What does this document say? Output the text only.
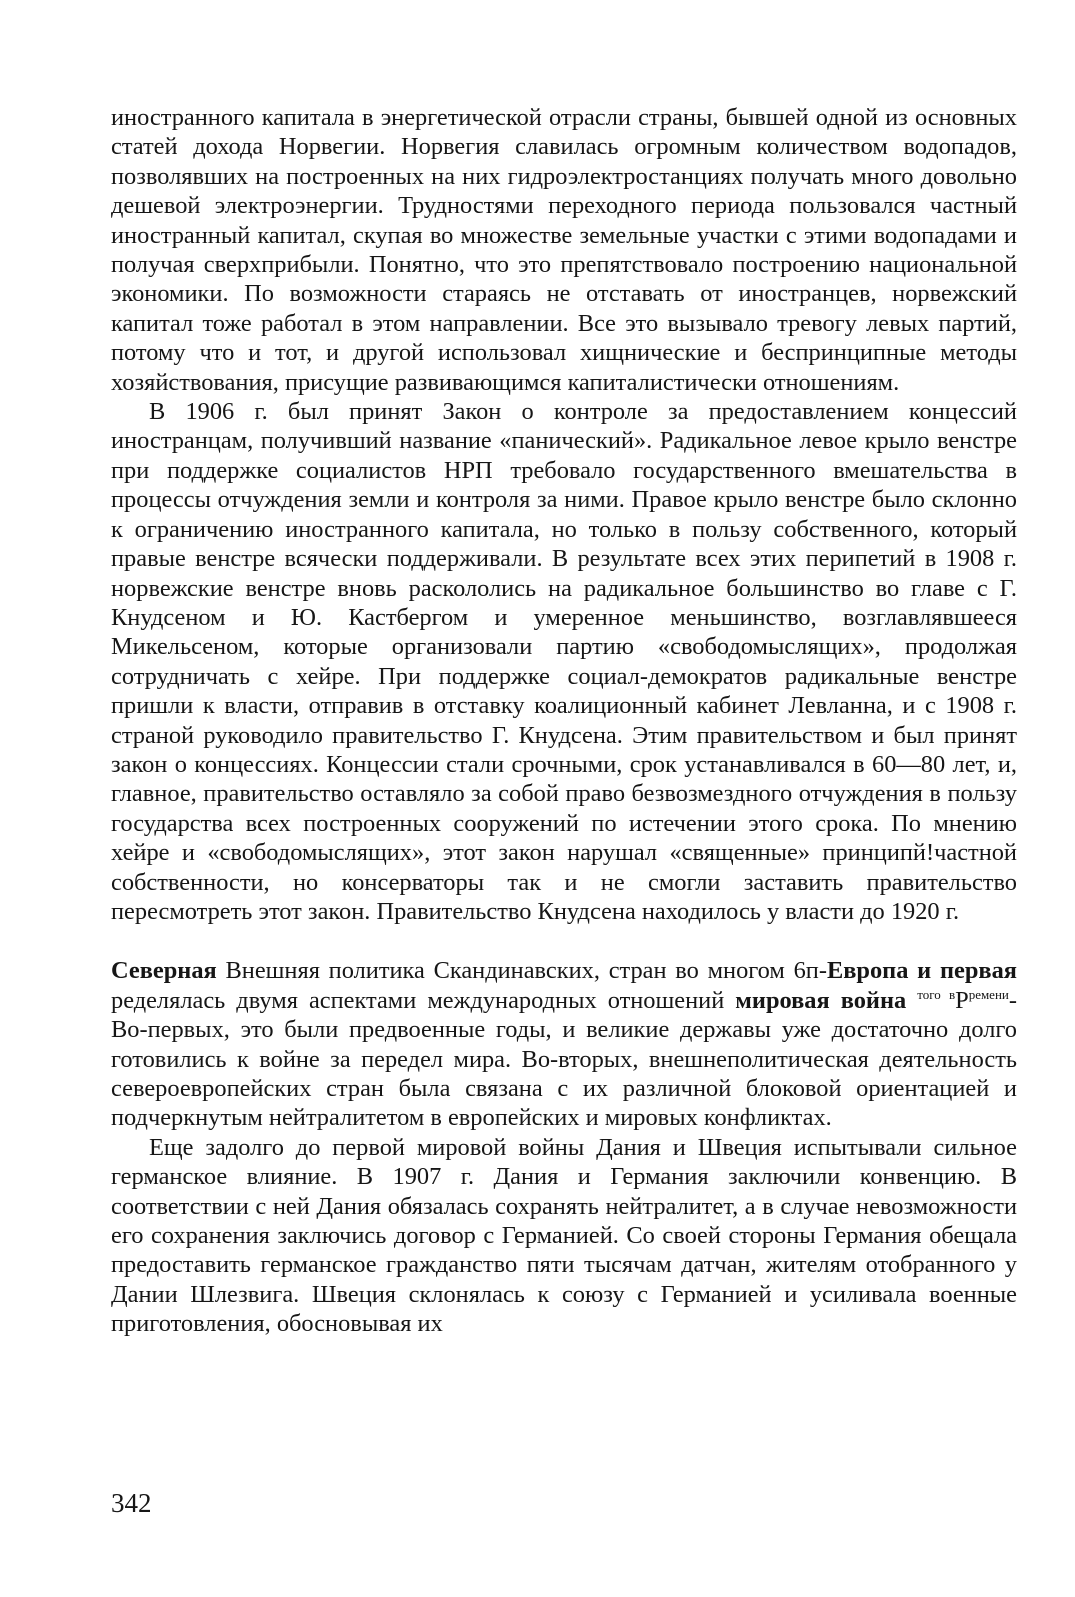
иностранного капитала в энергетической отрасли страны, бывшей одной из основных статей дохода Норвегии. Норвегия славилась огромным количеством водопадов, позволявших на построенных на них гидроэлектростанциях получать много довольно дешевой электроэнергии. Трудностями переходного периода пользовался частный иностранный капитал, скупая во множестве земельные участки с этими водопадами и получая сверхприбыли. Понятно, что это препятствовало построению национальной экономики. По возможности стараясь не отставать от иностранцев, норвежский капитал тоже работал в этом направлении. Все это вызывало тревогу левых партий, потому что и тот, и другой использовал хищнические и беспринципные методы хозяйствования, присущие развивающимся капиталистически отношениям.

В 1906 г. был принят Закон о контроле за предоставлением концессий иностранцам, получивший название «панический». Радикальное левое крыло венстре при поддержке социалистов НРП требовало государственного вмешательства в процессы отчуждения земли и контроля за ними. Правое крыло венстре было склонно к ограничению иностранного капитала, но только в пользу собственного, который правые венстре всячески поддерживали. В результате всех этих перипетий в 1908 г. норвежские венстре вновь раскололись на радикальное большинство во главе с Г. Кнудсеном и Ю. Кастбергом и умеренное меньшинство, возглавлявшееся Микельсеном, которые организовали партию «свободомыслящих», продолжая сотрудничать с хейре. При поддержке социал-демократов радикальные венстре пришли к власти, отправив в отставку коалиционный кабинет Левланна, и с 1908 г. страной руководило правительство Г. Кнудсена. Этим правительством и был принят закон о концессиях. Концессии стали срочными, срок устанавливался в 60—80 лет, и, главное, правительство оставляло за собой право безвозмездного отчуждения в пользу государства всех построенных сооружений по истечении этого срока. По мнению хейре и «свободомыслящих», этот закон нарушал «священные» принципй!частной собственности, но консерваторы так и не смогли заставить правительство пересмотреть этот закон. Правительство Кнудсена находилось у власти до 1920 г.

Северная Внешняя политика Скандинавских, стран во многом 6п-Европа и первая ределялась двумя аспектами международных отношений мировая война $^{того в}Р^{ремени}-$ Во-первых, это были предвоенные годы, и великие державы уже достаточно долго готовились к войне за передел мира. Во-вторых, внешнеполитическая деятельность североевропейских стран была связана с их различной блоковой ориентацией и подчеркнутым нейтралитетом в европейских и мировых конфликтах.

Еще задолго до первой мировой войны Дания и Швеция испытывали сильное германское влияние. В 1907 г. Дания и Германия заключили конвенцию. В соответствии с ней Дания обязалась сохранять нейтралитет, а в случае невозможности его сохранения заключись договор с Германией. Со своей стороны Германия обещала предоставить германское гражданство пяти тысячам датчан, жителям отобранного у Дании Шлезвига. Швеция склонялась к союзу с Германией и усиливала военные приготовления, обосновывая их

342
